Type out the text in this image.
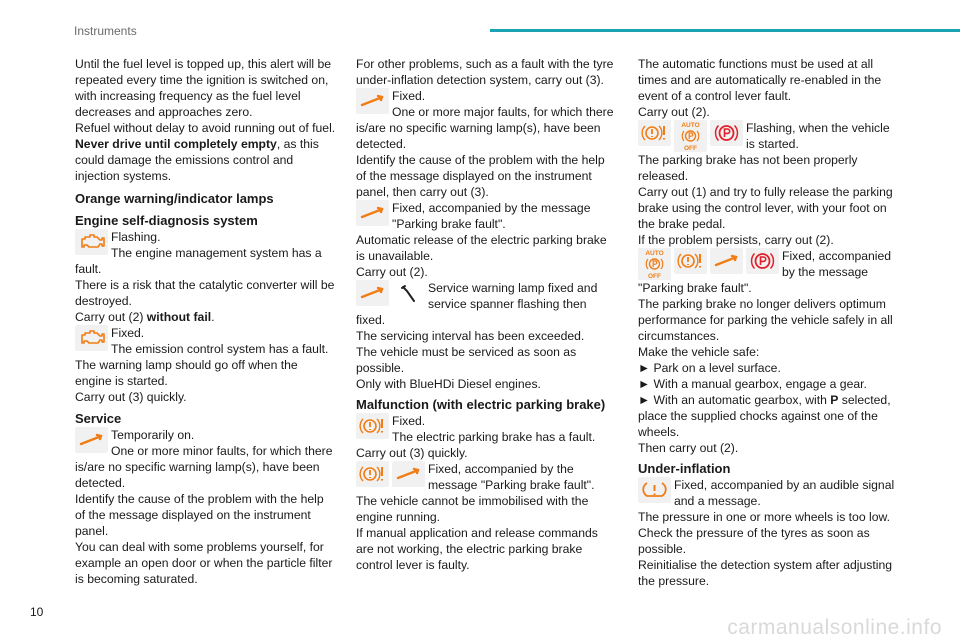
Instruments

Until the fuel level is topped up, this alert will be repeated every time the ignition is switched on, with increasing frequency as the fuel level decreases and approaches zero.

Refuel without delay to avoid running out of fuel.

Never drive until completely empty, as this could damage the emissions control and injection systems.

Orange warning/indicator lamps
Engine self-diagnosis system

Flashing.

The engine management system has a fault.

There is a risk that the catalytic converter will be destroyed.

Carry out (2) without fail.

Fixed.

The emission control system has a fault.

The warning lamp should go off when the engine is started.

Carry out (3) quickly.

Service

Temporarily on.

One or more minor faults, for which there is/are no specific warning lamp(s), have been detected.

Identify the cause of the problem with the help of the message displayed on the instrument panel.

You can deal with some problems yourself, for example an open door or when the particle filter is becoming saturated.

For other problems, such as a fault with the tyre under-inflation detection system, carry out (3).

Fixed.

One or more major faults, for which there is/are no specific warning lamp(s), have been detected.

Identify the cause of the problem with the help of the message displayed on the instrument panel, then carry out (3).

Fixed, accompanied by the message "Parking brake fault".

Automatic release of the electric parking brake is unavailable.

Carry out (2).

Service warning lamp fixed and service spanner flashing then fixed.

The servicing interval has been exceeded.

The vehicle must be serviced as soon as possible.

Only with BlueHDi Diesel engines.

Malfunction (with electric parking brake)

Fixed.

The electric parking brake has a fault.

Carry out (3) quickly.

Fixed, accompanied by the message "Parking brake fault".

The vehicle cannot be immobilised with the engine running.

If manual application and release commands are not working, the electric parking brake control lever is faulty.

The automatic functions must be used at all times and are automatically re-enabled in the event of a control lever fault.

Carry out (2).

Flashing, when the vehicle is started.

The parking brake has not been properly released.

Carry out (1) and try to fully release the parking brake using the control lever, with your foot on the brake pedal.

If the problem persists, carry out (2).

Fixed, accompanied by the message "Parking brake fault".

The parking brake no longer delivers optimum performance for parking the vehicle safely in all circumstances.

Make the vehicle safe:

► Park on a level surface.

► With a manual gearbox, engage a gear.

► With an automatic gearbox, with P selected, place the supplied chocks against one of the wheels.

Then carry out (2).

Under-inflation

Fixed, accompanied by an audible signal and a message.

The pressure in one or more wheels is too low.

Check the pressure of the tyres as soon as possible.

Reinitialise the detection system after adjusting the pressure.

10
carmanualsonline.info
